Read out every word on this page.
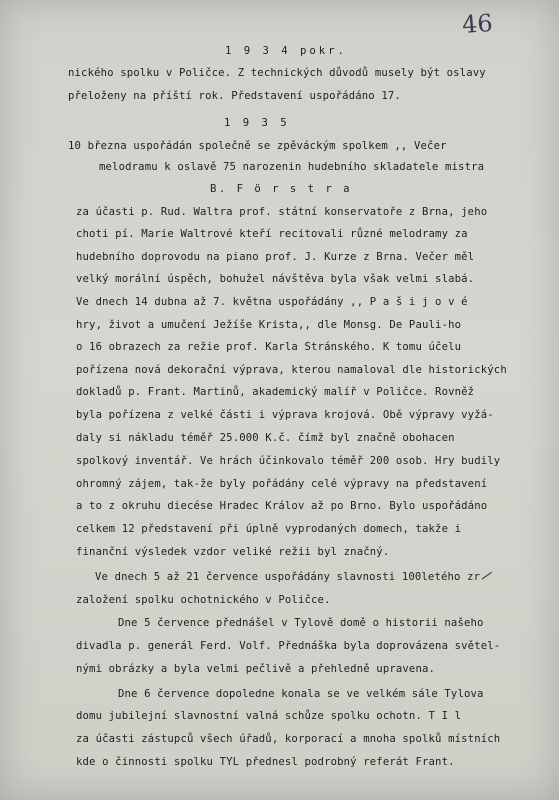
46
1 9 3 4 pokr.
nického spolku v Poličce. Z technických důvodů musely být oslavy
přeloženy na příští rok. Představení uspořádáno 17.
1 9 3 5
10 března uspořádán společně se zpěváckým spolkem ,, Večer
melodramu k oslavě 75 narozenin hudebního skladatele mistra
B. F ö r s t r a
za účasti p. Rud. Waltra prof. státní konservatoře z Brna, jeho
choti pí. Marie Waltrové kteří recitovali různé melodramy za
hudebního doprovodu na piano prof. J. Kurze z Brna. Večer měl
velký morální úspěch, bohužel návštěva byla však velmi slabá.
Ve dnech 14 dubna až 7. května uspořádány ,, P a š i j o v é
hry, život a umučení Ježíše Krista,, dle Monsg. De Pauli-ho
o 16 obrazech za režie prof. Karla Stránského. K tomu účelu
pořízena nová dekorační výprava, kterou namaloval dle historických
dokladů p. Frant. Martinů, akademický malíř v Poličce. Rovněž
byla pořízena z velké části i výprava krojová. Obě výpravy vyžá-
daly si nákladu téměř 25.000 K.č. čímž byl značně obohacen
spolkový inventář. Ve hrách účinkovalo téměř 200 osob. Hry budily
ohromný zájem, tak-že byly pořádány celé výpravy na představení
a to z okruhu diecése Hradec Králov až po Brno. Bylo uspořádáno
celkem 12 představení při úplně vyprodaných domech, takže i
finanční výsledek vzdor veliké režii byl značný.
Ve dnech 5 až 21 července uspořádány slavnosti 100letého zr
založení spolku ochotnického v Poličce.
Dne 5 července přednášel v Tylově domě o historii našeho
divadla p. generál Ferd. Volf. Přednáška byla doprovázena světel-
nými obrázky a byla velmi pečlivě a přehledně upravena.
Dne 6 července dopoledne konala se ve velkém sále Tylova
domu jubilejní slavnostní valná schůze spolku ochotn. T I l
za účasti zástupců všech úřadů, korporací a mnoha spolků místních
kde o činnosti spolku TYL přednesl podrobný referát Frant.
